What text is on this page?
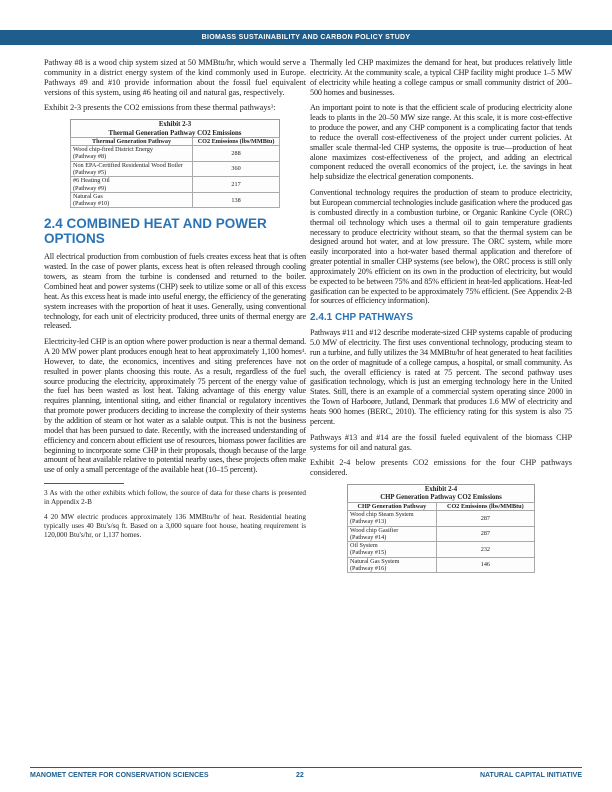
BIOMASS SUSTAINABILITY AND CARBON POLICY STUDY

Pathway #8 is a wood chip system sized at 50 MMBtu/hr, which would serve a community in a district energy system of the kind commonly used in Europe. Pathways #9 and #10 provide information about the fossil fuel equivalent versions of this system, using #6 heating oil and natural gas, respectively.

Exhibit 2-3 presents the CO2 emissions from these thermal pathways$^3$:

Exhibit 2-3	
Thermal Generation Pathway CO2 Emissions	
Thermal Generation Pathway	CO2 Emissions (lbs/MMBtu)

Wood chip-fired District Energy
(Pathway #8)	288

Non EPA-Certified Residential Wood Boiler
(Pathway #5)	360

#6 Heating Oil
(Pathway #9)	217

Natural Gas
(Pathway #10)	138
2.4 COMBINED HEAT AND POWER OPTIONS

All electrical production from combustion of fuels creates excess heat that is often wasted. In the case of power plants, excess heat is often released through cooling towers, as steam from the turbine is condensed and returned to the boiler. Combined heat and power systems (CHP) seek to utilize some or all of this excess heat. As this excess heat is made into useful energy, the efficiency of the generating system increases with the proportion of heat it uses. Generally, using conventional technology, for each unit of electricity produced, three units of thermal energy are released.

Electricity-led CHP is an option where power production is near a thermal demand. A 20 MW power plant produces enough heat to heat approximately 1,100 homes$^4$. However, to date, the economics, incentives and siting preferences have not resulted in power plants choosing this route. As a result, regardless of the fuel source producing the electricity, approximately 75 percent of the energy value of the fuel has been wasted as lost heat. Taking advantage of this energy value requires planning, intentional siting, and either financial or regulatory incentives that promote power producers deciding to increase the complexity of their systems by the addition of steam or hot water as a salable output. This is not the business model that has been pursued to date. Recently, with the increased understanding of efficiency and concern about efficient use of resources, biomass power facilities are beginning to incorporate some CHP in their proposals, though because of the large amount of heat available relative to potential nearby uses, these projects often make use of only a small percentage of the available heat (10–15 percent).

3 As with the other exhibits which follow, the source of data for these charts is presented in Appendix 2-B

4 20 MW electric produces approximately 136 MMBtu/hr of heat. Residential heating typically uses 40 Btu's/sq ft. Based on a 3,000 square foot house, heating requirement is 120,000 Btu's/hr, or 1,137 homes.

Thermally led CHP maximizes the demand for heat, but produces relatively little electricity. At the community scale, a typical CHP facility might produce 1–5 MW of electricity while heating a college campus or small community district of 200–500 homes and businesses.

An important point to note is that the efficient scale of producing electricity alone leads to plants in the 20–50 MW size range. At this scale, it is more cost-effective to produce the power, and any CHP component is a complicating factor that tends to reduce the overall cost-effectiveness of the project under current policies. At smaller scale thermal-led CHP systems, the opposite is true—production of heat alone maximizes cost-effectiveness of the project, and adding an electrical component reduced the overall economics of the project, i.e. the savings in heat help subsidize the electrical generation components.

Conventional technology requires the production of steam to produce electricity, but European commercial technologies include gasification where the produced gas is combusted directly in a combustion turbine, or Organic Rankine Cycle (ORC) thermal oil technology which uses a thermal oil to gain temperature gradients necessary to produce electricity without steam, so that the thermal system can be designed around hot water, and at low pressure. The ORC system, while more easily incorporated into a hot-water based thermal application and therefore of greater potential in smaller CHP systems (see below), the ORC process is still only approximately 20% efficient on its own in the production of electricity, but would be expected to be between 75% and 85% efficient in heat-led applications. Heat-led gasification can be expected to be approximately 75% efficient. (See Appendix 2-B for sources of efficiency information).

2.4.1 CHP PATHWAYS

Pathways #11 and #12 describe moderate-sized CHP systems capable of producing 5.0 MW of electricity. The first uses conventional technology, producing steam to run a turbine, and fully utilizes the 34 MMBtu/hr of heat generated to heat facilities on the order of magnitude of a college campus, a hospital, or small community. As such, the overall efficiency is rated at 75 percent. The second pathway uses gasification technology, which is just an emerging technology here in the United States. Still, there is an example of a commercial system operating since 2000 in the Town of Harboøre, Jutland, Denmark that produces 1.6 MW of electricity and heats 900 homes (BERC, 2010). The efficiency rating for this system is also 75 percent.

Pathways #13 and #14 are the fossil fueled equivalent of the biomass CHP systems for oil and natural gas.

Exhibit 2-4 below presents CO2 emissions for the four CHP pathways considered.

Exhibit 2-4	
CHP Generation Pathway CO2 Emissions	
CHP Generation Pathway	CO2 Emissions (lbs/MMBtu)

Wood chip Steam System
(Pathway #13)	287

Wood chip Gasifier
(Pathway #14)	287

Oil System
(Pathway #15)	232

Natural Gas System
(Pathway #16)	146
MANOMET CENTER FOR CONSERVATION SCIENCES	22	NATURAL CAPITAL INITIATIVE
